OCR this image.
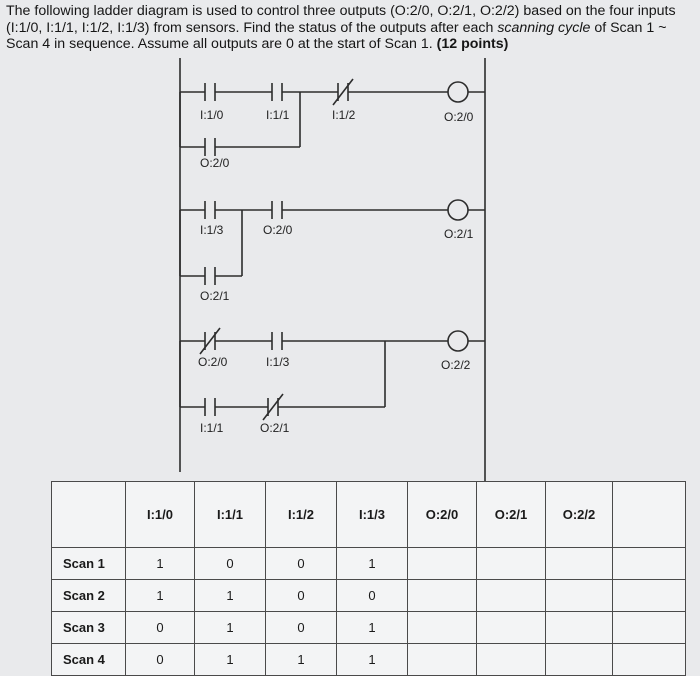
The following ladder diagram is used to control three outputs (O:2/0, O:2/1, O:2/2) based on the four inputs (I:1/0, I:1/1, I:1/2, I:1/3) from sensors. Find the status of the outputs after each scanning cycle of Scan 1 ~ Scan 4 in sequence. Assume all outputs are 0 at the start of Scan 1. (12 points)

I:1/0	I:1/1	I:1/2
O:2/0
O:2/0
I:1/3	O:2/0
O:2/1
O:2/1
O:2/0	I:1/3
I:1/1	O:2/1
O:2/2
	I:1/0	I:1/1	I:1/2	I:1/3	O:2/0	O:2/1	O:2/2	
Scan 1	1	0	0	1				
Scan 2	1	1	0	0				
Scan 3	0	1	0	1				
Scan 4	0	1	1	1				
